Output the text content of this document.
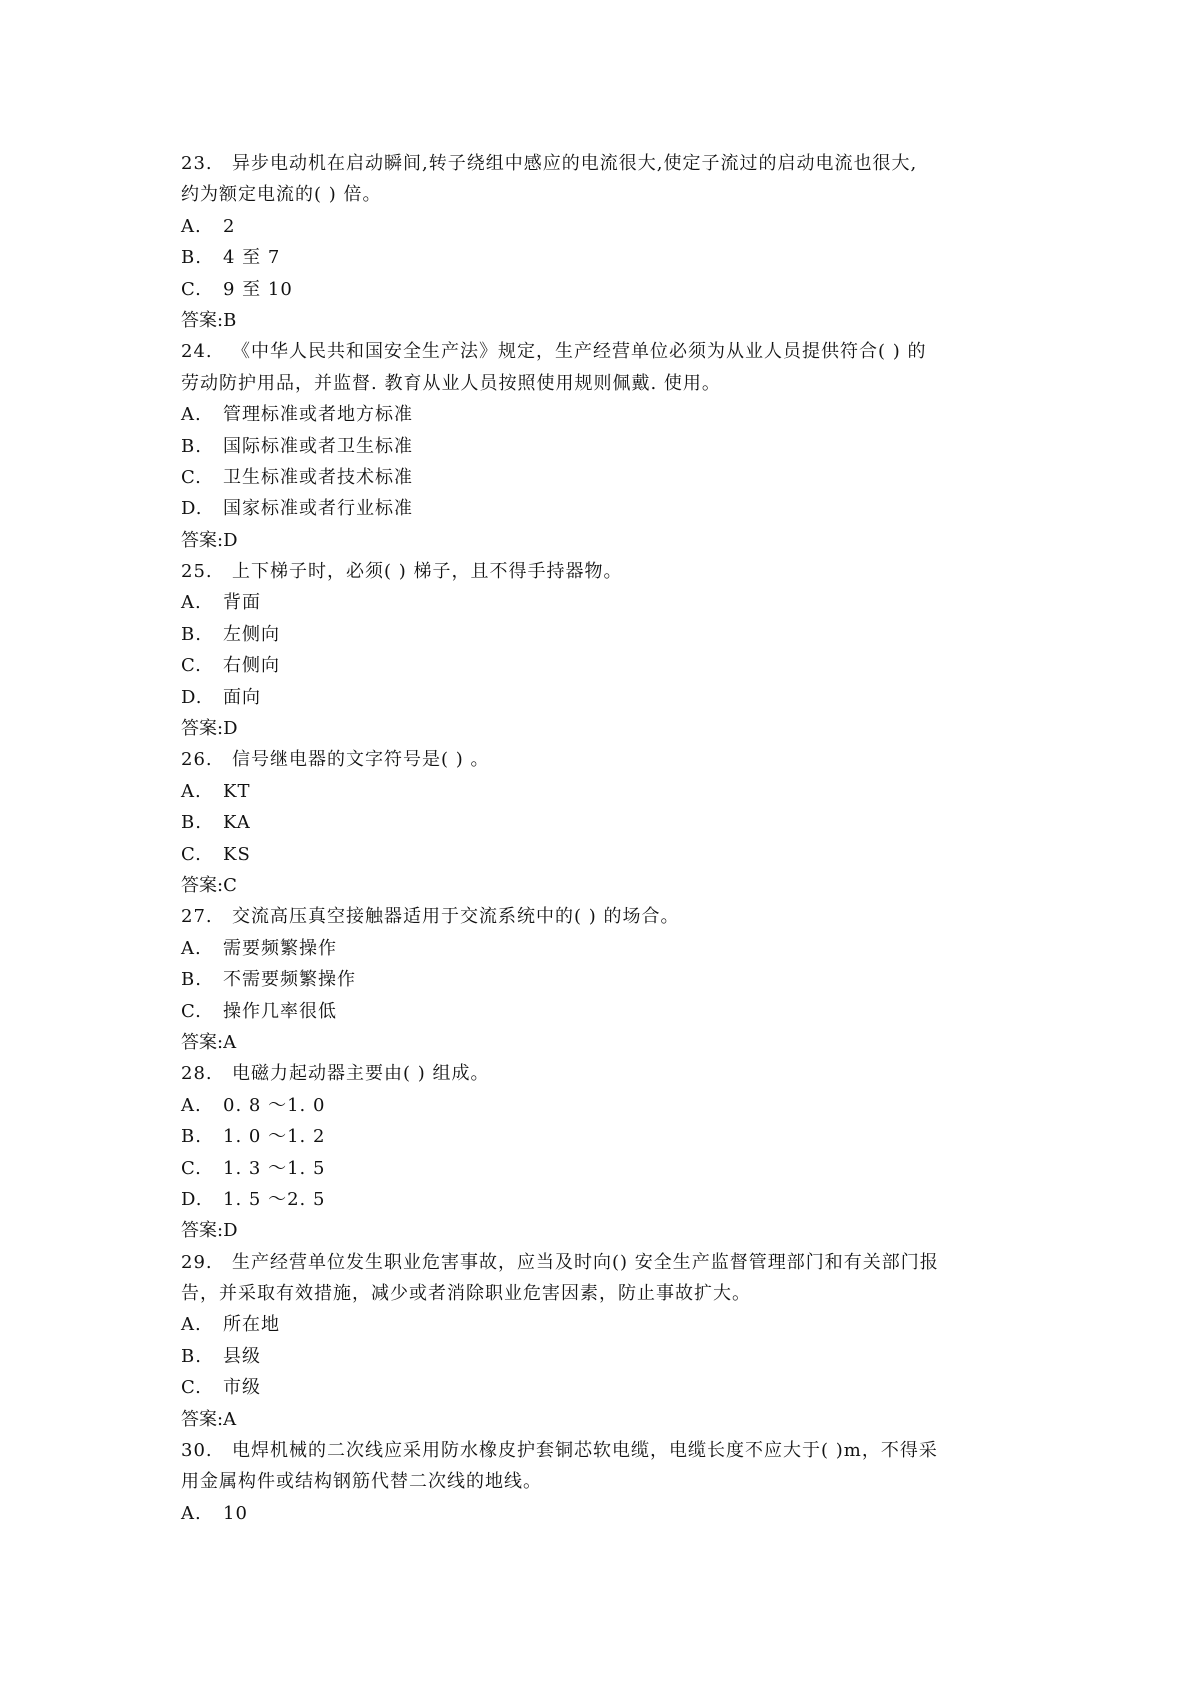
23. 异步电动机在启动瞬间,转子绕组中感应的电流很大,使定子流过的启动电流也很大,
约为额定电流的( ) 倍。
A. 2
B. 4 至 7
C. 9 至 10
答案:B
24. 《中华人民共和国安全生产法》规定，生产经营单位必须为从业人员提供符合( ) 的
劳动防护用品，并监督. 教育从业人员按照使用规则佩戴. 使用。
A. 管理标准或者地方标准
B. 国际标准或者卫生标准
C. 卫生标准或者技术标准
D. 国家标准或者行业标准
答案:D
25. 上下梯子时，必须( ) 梯子，且不得手持器物。
A. 背面
B. 左侧向
C. 右侧向
D. 面向
答案:D
26. 信号继电器的文字符号是( ) 。
A. KT
B. KA
C. KS
答案:C
27. 交流高压真空接触器适用于交流系统中的( ) 的场合。
A. 需要频繁操作
B. 不需要频繁操作
C. 操作几率很低
答案:A
28. 电磁力起动器主要由( ) 组成。
A. 0. 8 ～1. 0
B. 1. 0 ～1. 2
C. 1. 3 ～1. 5
D. 1. 5 ～2. 5
答案:D
29. 生产经营单位发生职业危害事故，应当及时向() 安全生产监督管理部门和有关部门报
告，并采取有效措施，减少或者消除职业危害因素，防止事故扩大。
A. 所在地
B. 县级
C. 市级
答案:A
30. 电焊机械的二次线应采用防水橡皮护套铜芯软电缆，电缆长度不应大于( )m，不得采
用金属构件或结构钢筋代替二次线的地线。
A. 10
